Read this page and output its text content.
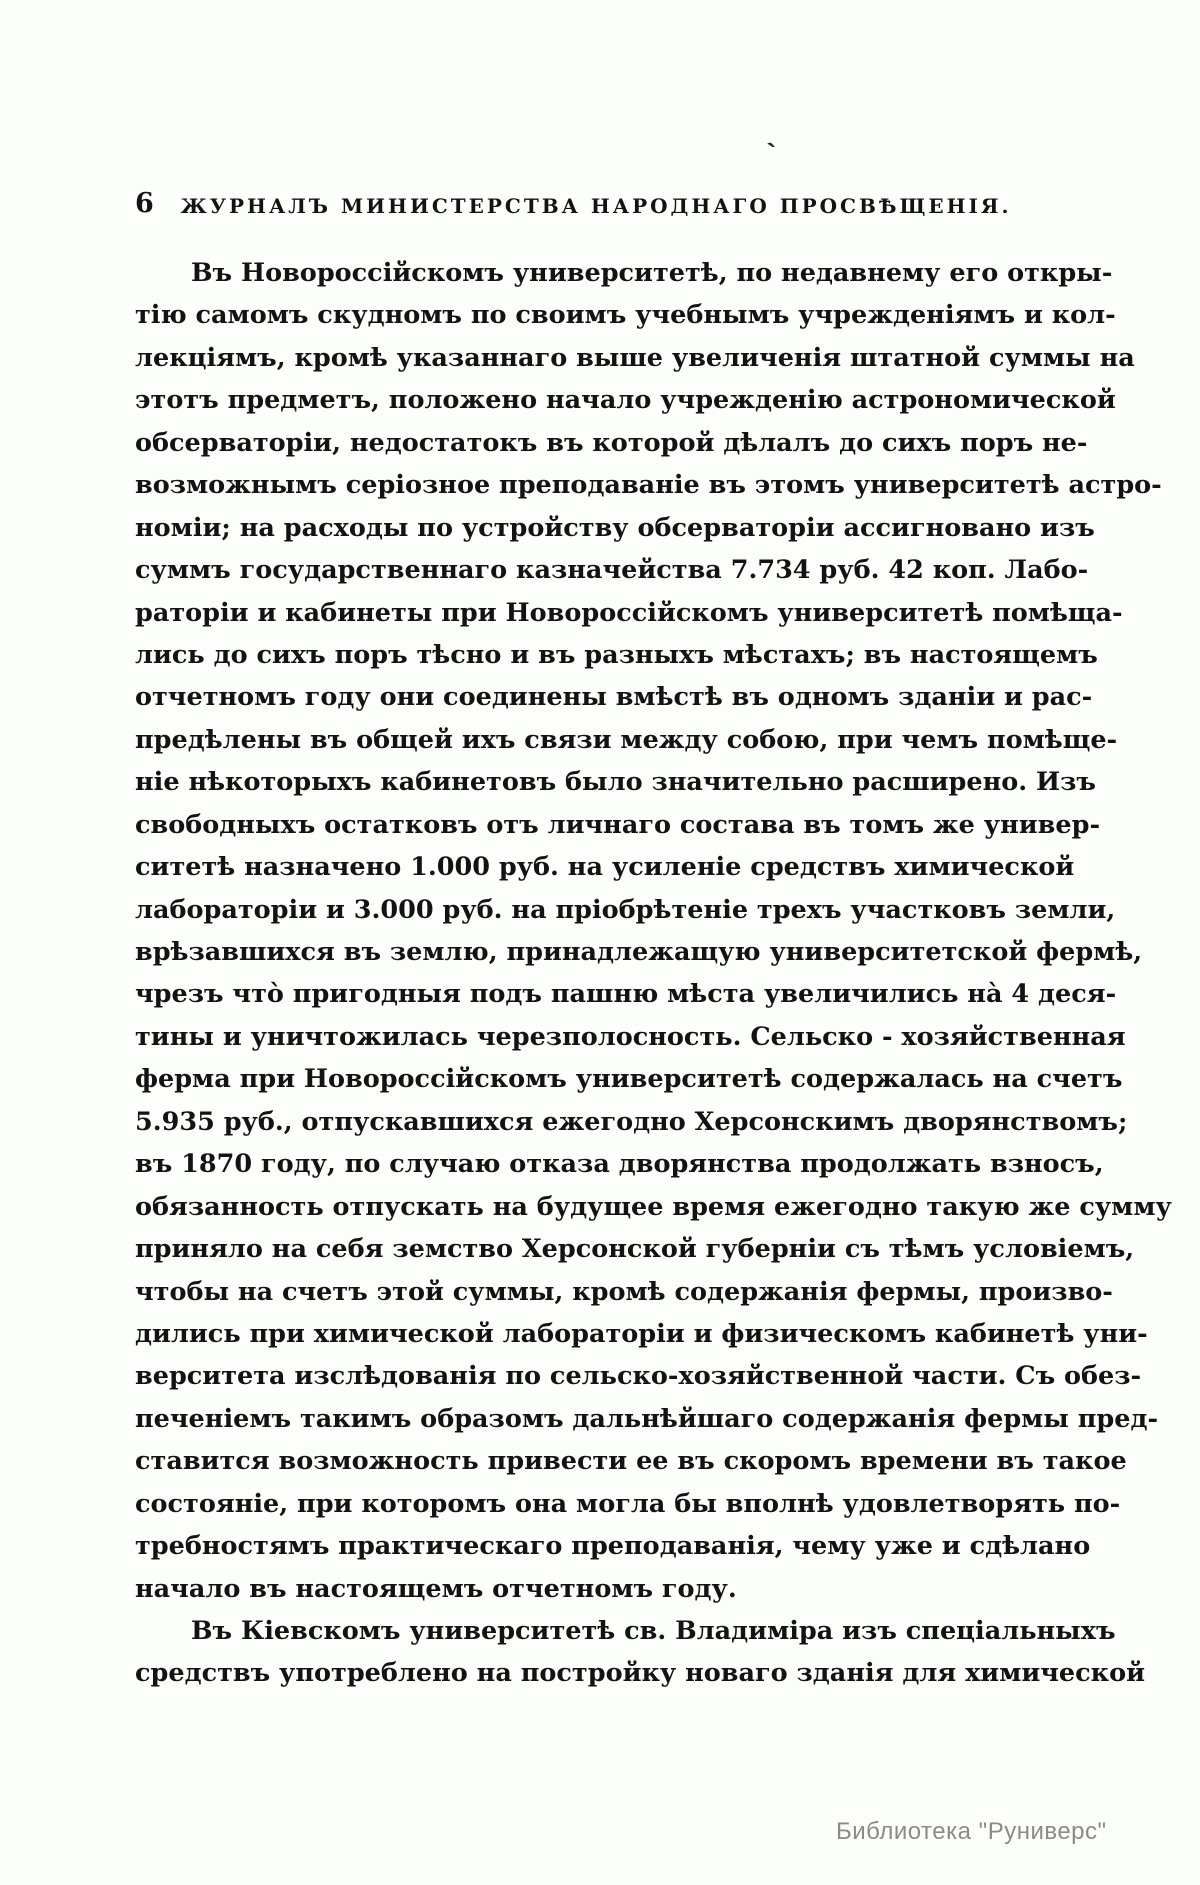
6	ЖУРНАЛЪ МИНИСТЕРСТВА НАРОДНАГО ПРОСВѢЩЕНІЯ.
ˋ
Въ Новороссійскомъ университетѣ, по недавнему его откры-
тію самомъ скудномъ по своимъ учебнымъ учрежденіямъ и кол-
лекціямъ, кромѣ указаннаго выше увеличенія штатной суммы на
этотъ предметъ, положено начало учрежденію астрономической
обсерваторіи, недостатокъ въ которой дѣлалъ до сихъ поръ не-
возможнымъ серіозное преподаваніе въ этомъ университетѣ астро-
номіи; на расходы по устройству обсерваторіи ассигновано изъ
суммъ государственнаго казначейства 7.734 руб. 42 коп. Лабо-
раторіи и кабинеты при Новороссійскомъ университетѣ помѣща-
лись до сихъ поръ тѣсно и въ разныхъ мѣстахъ; въ настоящемъ
отчетномъ году они соединены вмѣстѣ въ одномъ зданіи и рас-
предѣлены въ общей ихъ связи между собою, при чемъ помѣще-
ніе нѣкоторыхъ кабинетовъ было значительно расширено. Изъ
свободныхъ остатковъ отъ личнаго состава въ томъ же универ-
ситетѣ назначено 1.000 руб. на усиленіе средствъ химической
лабораторіи и 3.000 руб. на пріобрѣтеніе трехъ участковъ земли,
врѣзавшихся въ землю, принадлежащую университетской фермѣ,
чрезъ что̀ пригодныя подъ пашню мѣста увеличились на̀ 4 деся-
тины и уничтожилась черезполосность. Сельско - хозяйственная
ферма при Новороссійскомъ университетѣ содержалась на счетъ
5.935 руб., отпускавшихся ежегодно Херсонскимъ дворянствомъ;
въ 1870 году, по случаю отказа дворянства продолжать взносъ,
обязанность отпускать на будущее время ежегодно такую же сумму
приняло на себя земство Херсонской губерніи съ тѣмъ условіемъ,
чтобы на счетъ этой суммы, кромѣ содержанія фермы, произво-
дились при химической лабораторіи и физическомъ кабинетѣ уни-
верситета изслѣдованія по сельско-хозяйственной части. Съ обез-
печеніемъ такимъ образомъ дальнѣйшаго содержанія фермы пред-
ставится возможность привести ее въ скоромъ времени въ такое
состояніе, при которомъ она могла бы вполнѣ удовлетворять по-
требностямъ практическаго преподаванія, чему уже и сдѣлано
начало въ настоящемъ отчетномъ году.
Въ Кіевскомъ университетѣ св. Владиміра изъ спеціальныхъ
средствъ употреблено на постройку новаго зданія для химической
Библиотека "Руниверс"
